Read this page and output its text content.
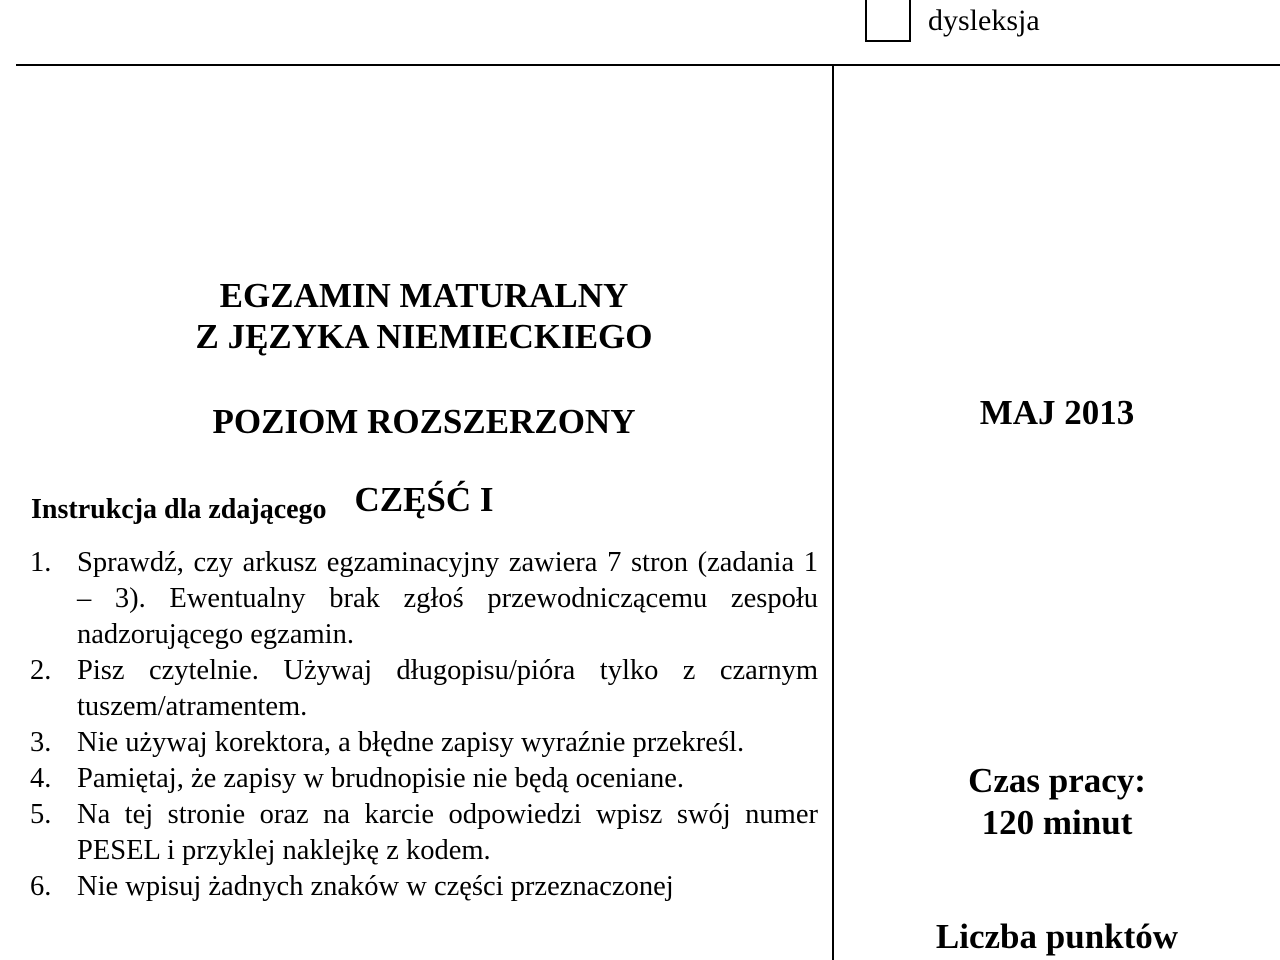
dysleksja
EGZAMIN MATURALNY
Z JĘZYKA NIEMIECKIEGO
POZIOM ROZSZERZONY
CZĘŚĆ I
Instrukcja dla zdającego
1. Sprawdź, czy arkusz egzaminacyjny zawiera 7 stron (zadania 1 – 3). Ewentualny brak zgłoś przewodniczącemu zespołu nadzorującego egzamin.
2. Pisz czytelnie. Używaj długopisu/pióra tylko z czarnym tuszem/atramentem.
3. Nie używaj korektora, a błędne zapisy wyraźnie przekreśl.
4. Pamiętaj, że zapisy w brudnopisie nie będą oceniane.
5. Na tej stronie oraz na karcie odpowiedzi wpisz swój numer PESEL i przyklej naklejkę z kodem.
6. Nie wpisuj żadnych znaków w części przeznaczonej
MAJ 2013
Czas pracy:
120 minut
Liczba punktów
